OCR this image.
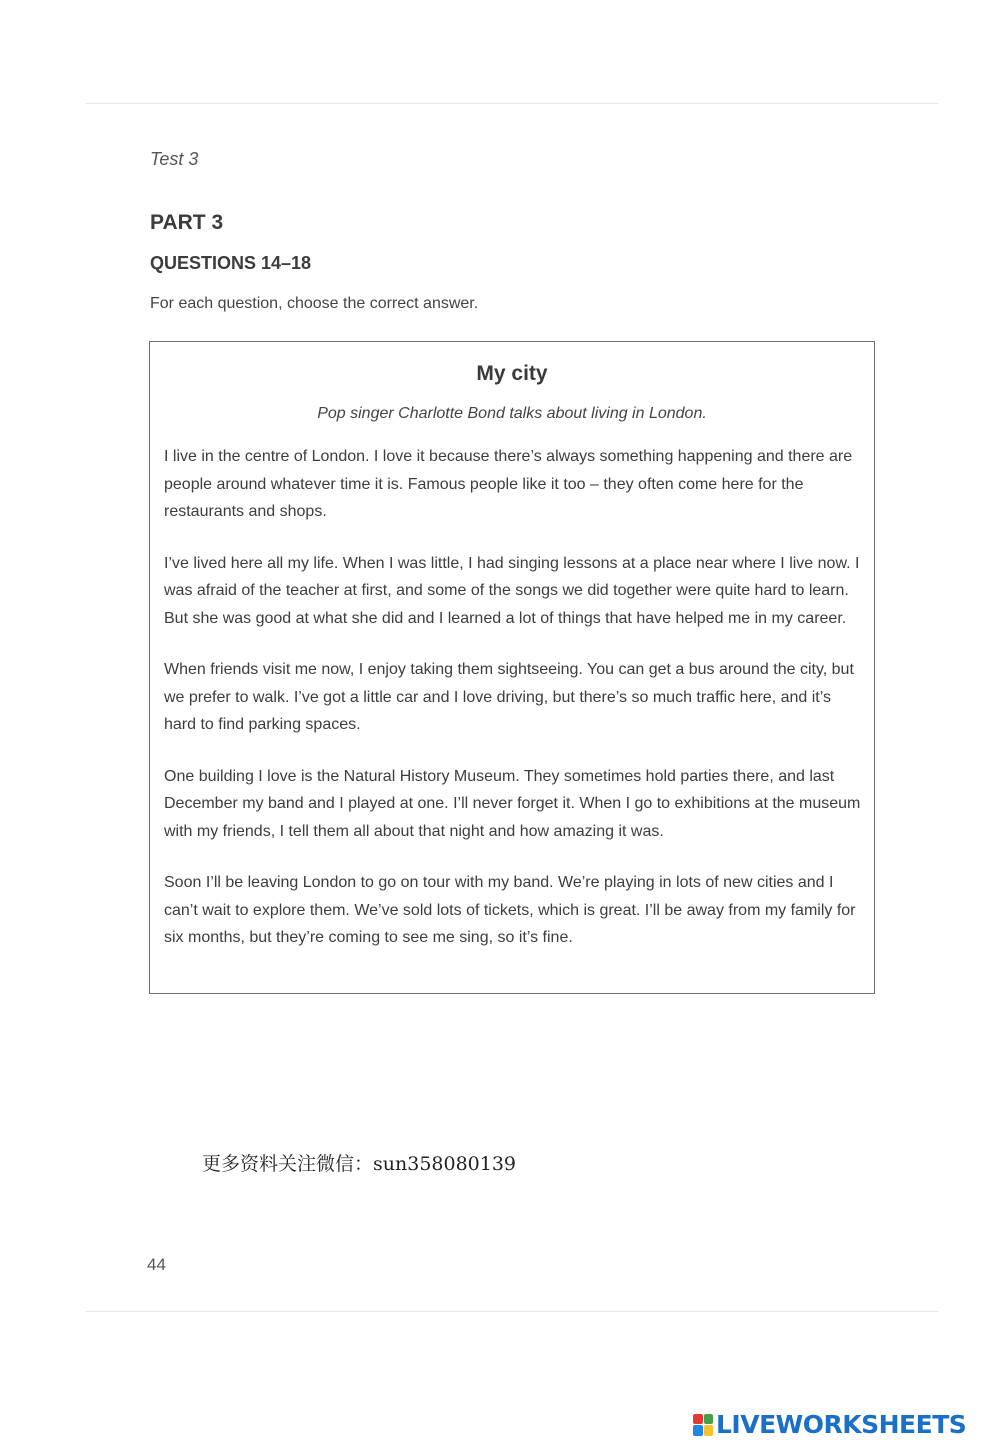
Test 3
PART 3
QUESTIONS 14–18
For each question, choose the correct answer.
My city
Pop singer Charlotte Bond talks about living in London.

I live in the centre of London. I love it because there’s always something happening and there are people around whatever time it is. Famous people like it too – they often come here for the restaurants and shops.

I’ve lived here all my life. When I was little, I had singing lessons at a place near where I live now. I was afraid of the teacher at first, and some of the songs we did together were quite hard to learn. But she was good at what she did and I learned a lot of things that have helped me in my career.

When friends visit me now, I enjoy taking them sightseeing. You can get a bus around the city, but we prefer to walk. I’ve got a little car and I love driving, but there’s so much traffic here, and it’s hard to find parking spaces.

One building I love is the Natural History Museum. They sometimes hold parties there, and last December my band and I played at one. I’ll never forget it. When I go to exhibitions at the museum with my friends, I tell them all about that night and how amazing it was.

Soon I’ll be leaving London to go on tour with my band. We’re playing in lots of new cities and I can’t wait to explore them. We’ve sold lots of tickets, which is great. I’ll be away from my family for six months, but they’re coming to see me sing, so it’s fine.

更多资料关注微信：sun358080139
44
LIVEWORKSHEETS
